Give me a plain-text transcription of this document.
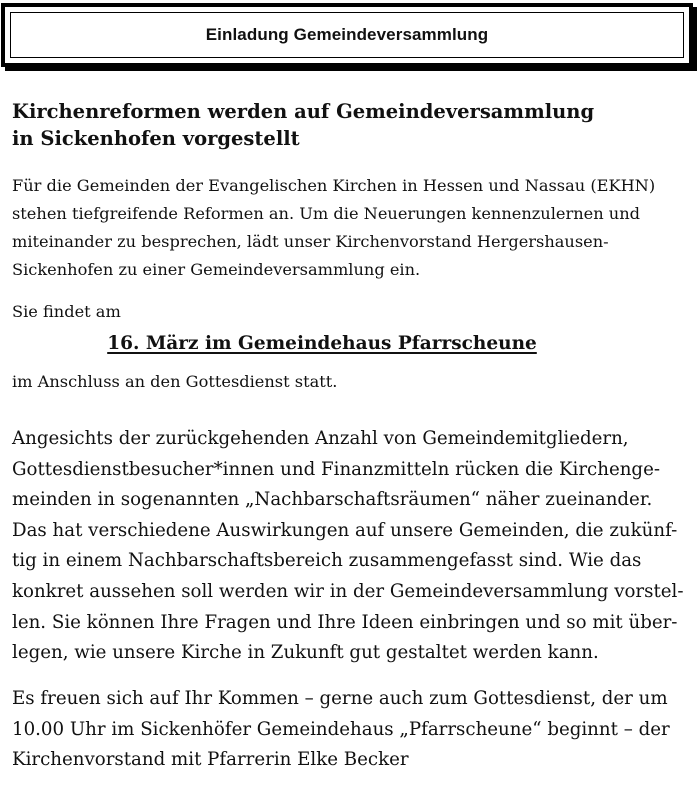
Einladung Gemeindeversammlung
Kirchenreformen werden auf Gemeindeversammlung
in Sickenhofen vorgestellt
Für die Gemeinden der Evangelischen Kirchen in Hessen und Nassau (EKHN)
stehen tiefgreifende Reformen an. Um die Neuerungen kennenzulernen und
miteinander zu besprechen, lädt unser Kirchenvorstand Hergershausen-
Sickenhofen zu einer Gemeindeversammlung ein.
Sie findet am
16. März im Gemeindehaus Pfarrscheune
im Anschluss an den Gottesdienst statt.
Angesichts der zurückgehenden Anzahl von Gemeindemitgliedern,
Gottesdienstbesucher*innen und Finanzmitteln rücken die Kirchenge-
meinden in sogenannten „Nachbarschaftsräumen“ näher zueinander.
Das hat verschiedene Auswirkungen auf unsere Gemeinden, die zukünf-
tig in einem Nachbarschaftsbereich zusammengefasst sind. Wie das
konkret aussehen soll werden wir in der Gemeindeversammlung vorstel-
len. Sie können Ihre Fragen und Ihre Ideen einbringen und so mit über-
legen, wie unsere Kirche in Zukunft gut gestaltet werden kann.
Es freuen sich auf Ihr Kommen – gerne auch zum Gottesdienst, der um
10.00 Uhr im Sickenhöfer Gemeindehaus „Pfarrscheune“ beginnt – der
Kirchenvorstand mit Pfarrerin Elke Becker
